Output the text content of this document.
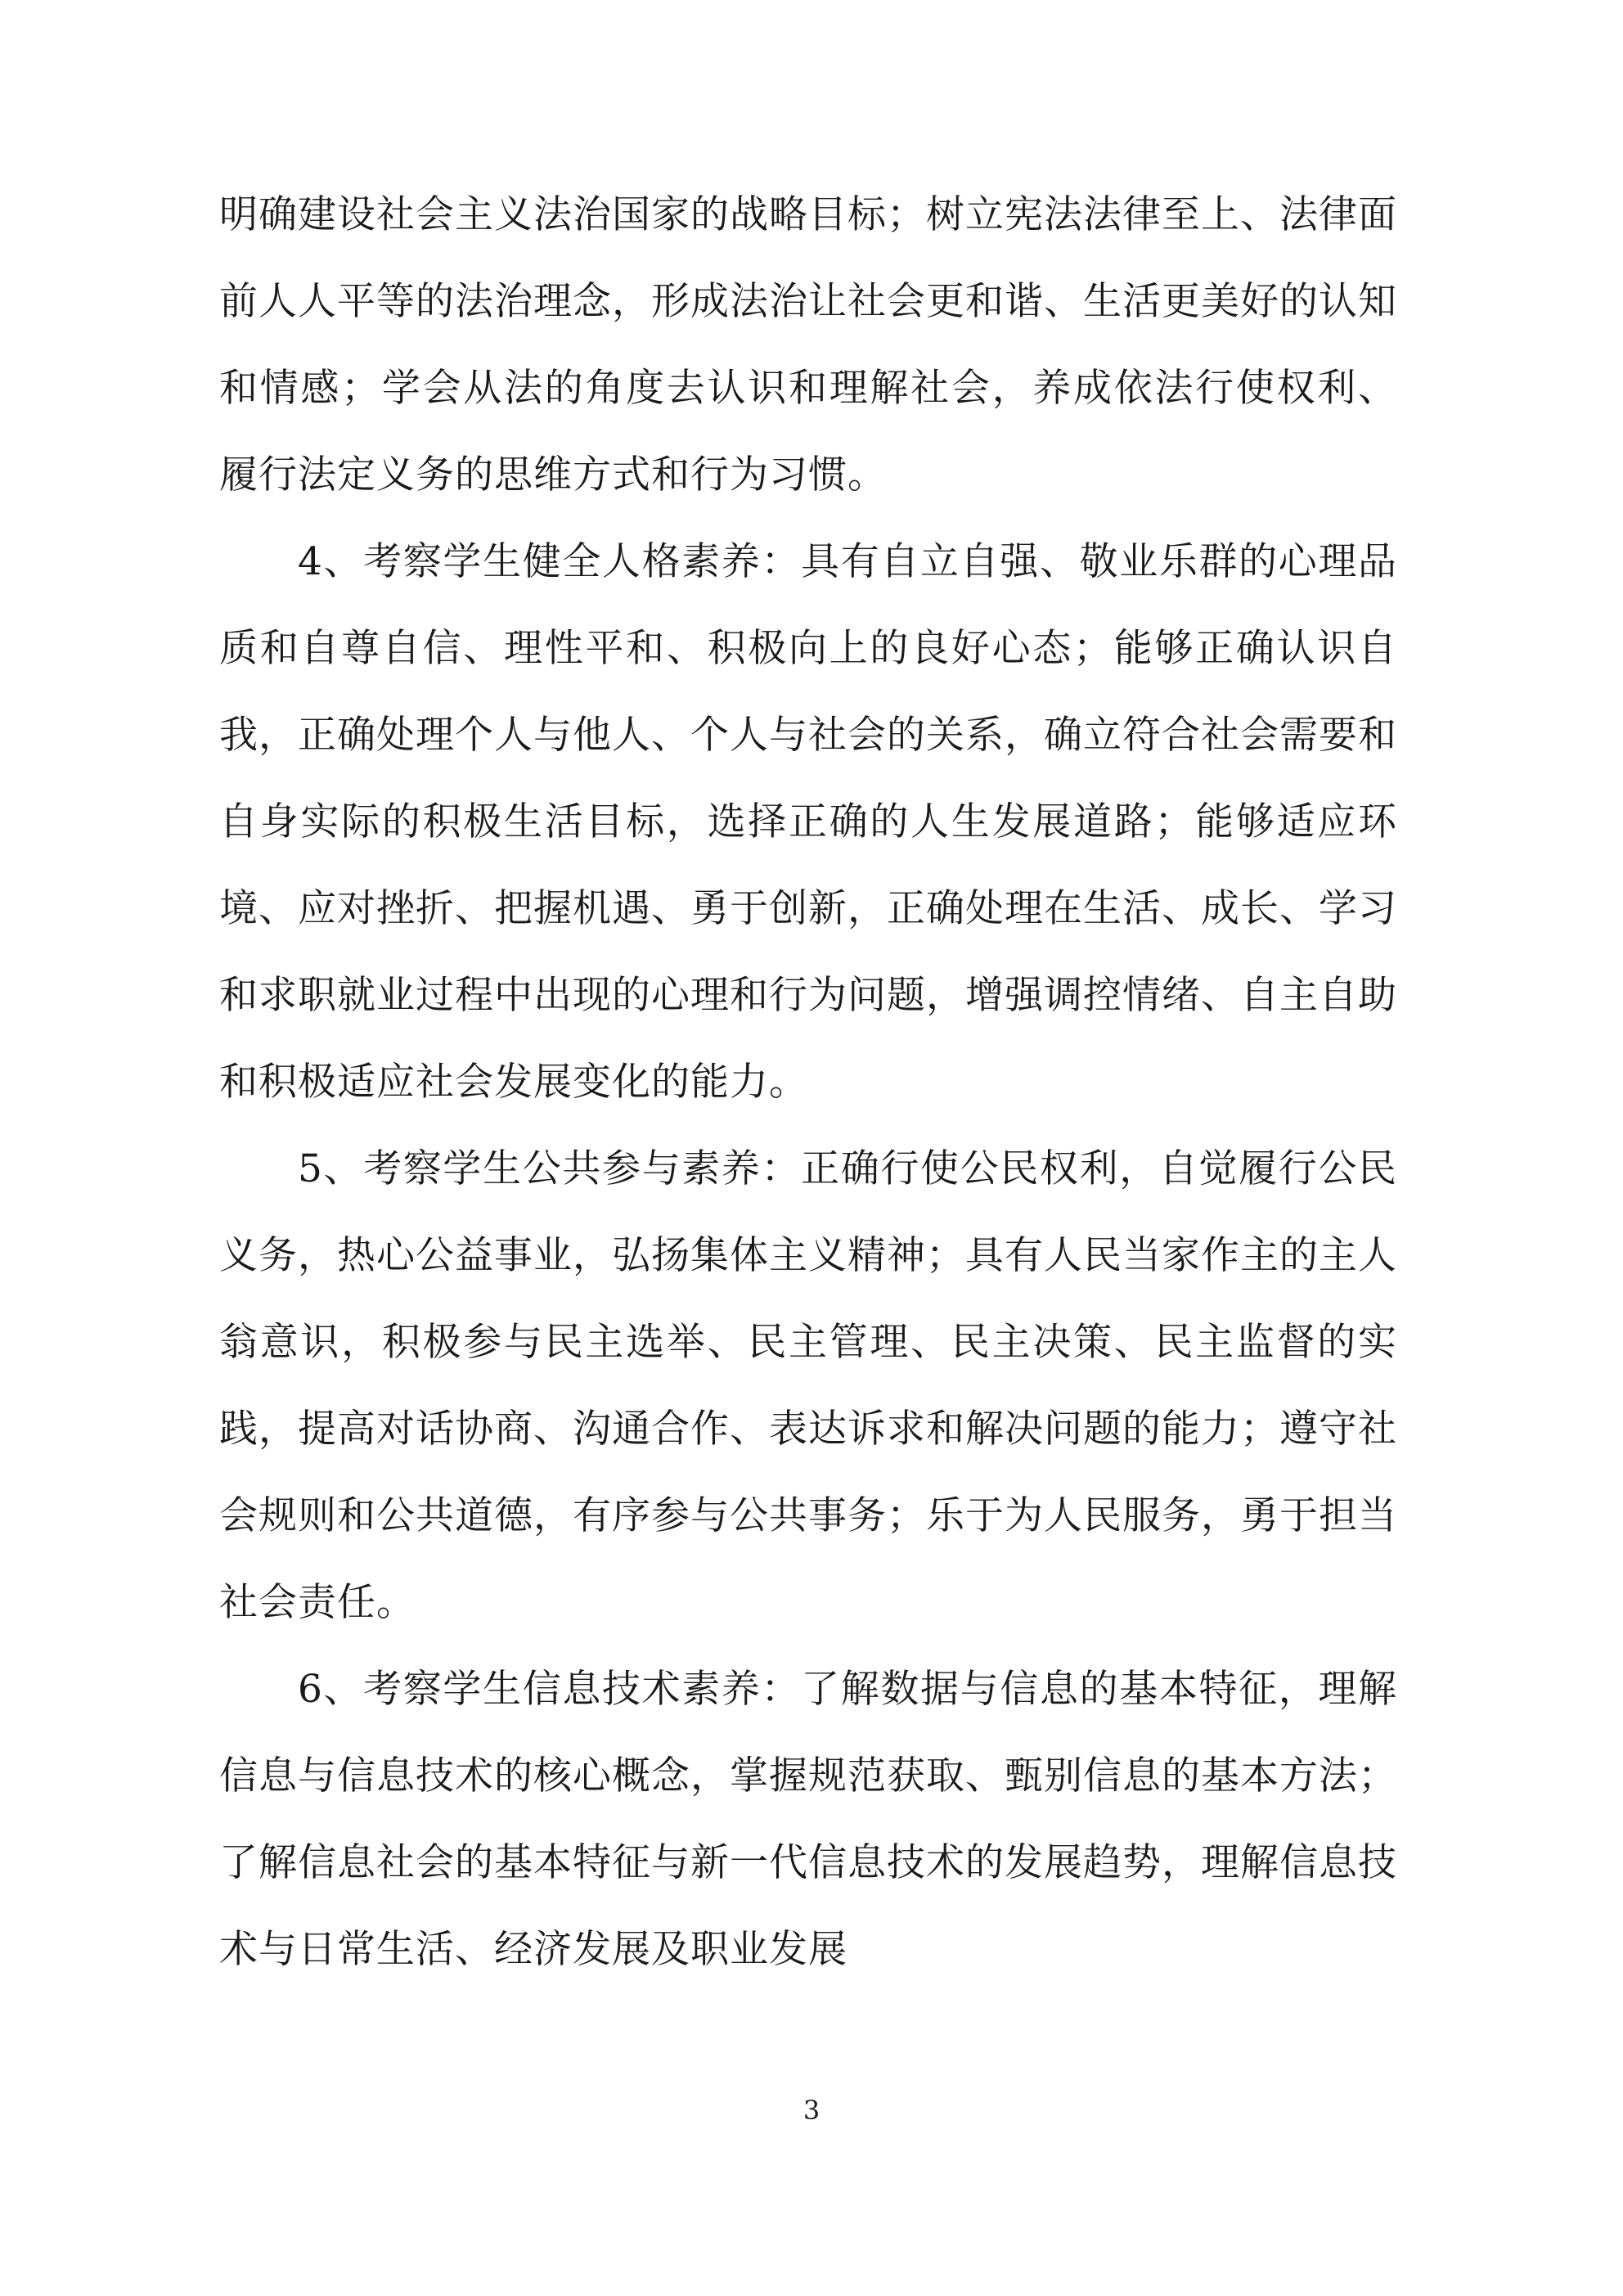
明确建设社会主义法治国家的战略目标；树立宪法法律至上、法律面前人人平等的法治理念，形成法治让社会更和谐、生活更美好的认知和情感；学会从法的角度去认识和理解社会，养成依法行使权利、 履行法定义务的思维方式和行为习惯。

4、考察学生健全人格素养：具有自立自强、敬业乐群的心理品质和自尊自信、理性平和、积极向上的良好心态；能够正确认识自我，正确处理个人与他人、个人与社会的关系，确立符合社会需要和自身实际的积极生活目标，选择正确的人生发展道路；能够适应环境、应对挫折、把握机遇、勇于创新，正确处理在生活、成长、学习和求职就业过程中出现的心理和行为问题，增强调控情绪、自主自助和积极适应社会发展变化的能力。

5、考察学生公共参与素养：正确行使公民权利，自觉履行公民义务，热心公益事业，弘扬集体主义精神；具有人民当家作主的主人翁意识，积极参与民主选举、民主管理、民主决策、民主监督的实践，提高对话协商、沟通合作、表达诉求和解决问题的能力；遵守社会规则和公共道德，有序参与公共事务；乐于为人民服务，勇于担当社会责任。

6、考察学生信息技术素养：了解数据与信息的基本特征，理解信息与信息技术的核心概念，掌握规范获取、甄别信息的基本方法；了解信息社会的基本特征与新一代信息技术的发展趋势，理解信息技术与日常生活、经济发展及职业发展

3
